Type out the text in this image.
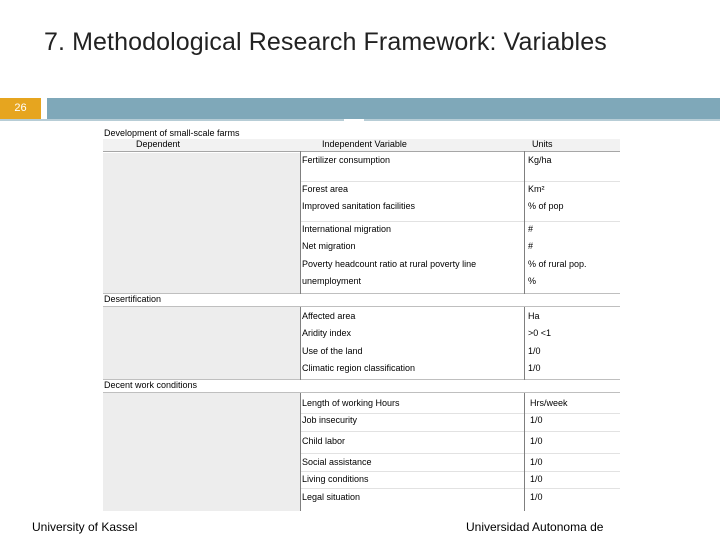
7. Methodological Research Framework: Variables
26
Development of small-scale farms
Dependent	Independent Variable	Units
Fertilizer consumption	Kg/ha
Forest area	Km²
Improved sanitation facilities	% of pop
International migration	#
Net migration	#
Poverty headcount ratio at rural poverty line	% of rural pop.
unemployment	%
Desertification
Affected area	Ha
Aridity index	>0 <1
Use of the land	1/0
Climatic region classification	1/0
Decent work conditions
Length of working Hours	Hrs/week
Job insecurity	1/0
Child labor	1/0
Social assistance	1/0
Living conditions	1/0
Legal situation	1/0
University of Kassel	Universidad Autonoma de
